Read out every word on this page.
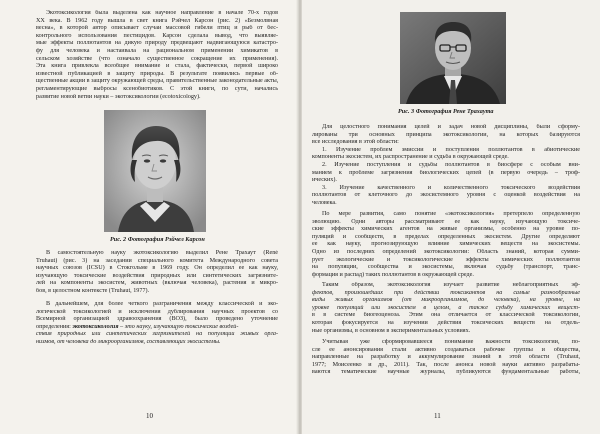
Экотоксикология была выделена как научное направление в начале 70-х годов

XX века. В 1962 году вышла в свет книга Рэйчел Карсон (рис. 2) «Безмолвная
весна», в которой автор описывает случаи массовой гибели птиц и рыб от бес-
контрольного использования пестицидов. Карсон сделала вывод, что выявляе-
мые эффекты поллютантов на дикую природу предвещают надвигающуюся катастро-
фу для человека и настаивала на рациональном применении химикатов в
сельском хозяйстве (что означало существенное сокращение их применения).
Эта книга привлекла всеобщее внимание и стала, фактически, первой широко
известной публикацией в защиту природы. В результате появились первые об-
щественные акции в защиту окружающей среды, правительственные законодательные акты,
регламентирующие выбросы ксенобиотиков. С этой книги, по сути, начались
развитие новой ветви науки – экотоксикологии (ecotoxicology).
Рис. 2 Фотография Рэйчел Карсон
В самостоятельную науку экотоксикологию выделил Рене Трахаут (René
Truhaut) (рис. 3) на заседании специального комитета Международного совета
научных союзов (ICSU) в Стокгольме в 1969 году. Он определил ее как науку,
изучающую токсические воздействия природных или синтетических загрязните-
лей на компоненты экосистем, животных (включая человека), растения и микро-
бов, в целостном контексте (Truhaut, 1977).
В дальнейшем, для более четкого разграничения между классической и эко-
логической токсикологией и исключения дублирования научных проектов со
Всемирной организацией здравоохранения (ВОЗ), было проведено уточнение
определения: экотоксикология – это науку, изучающую токсические воздей-
ствия природных или синтетических загрязнителей на популяции живых орга-
низмов, от человека до микроорганизмов, составляющих экосистемы.
10
Рис. 3 Фотография Рене Трахаута
Для целостного понимания целей и задач новой дисциплины, были сформу-
лированы три основных принципа экотоксикологии, на которых базируются
все исследования в этой области:
1. Изучение проблем эмиссии и поступления поллютантов в абиотические
компоненты экосистем, их распространение и судьба в окружающей среде.
2. Изучение поступления и судьбы поллютантов в биосфере с особым вни-
манием к проблеме загрязнения биологических цепей (в первую очередь – троф-
ических).
3. Изучение качественного и количественного токсического воздействия
поллютантов от клеточного до экосистемного уровня с оценкой воздействия на
человека.
По мере развития, само понятие «экотоксикология» претерпело определенную
эволюцию. Одни авторы рассматривают ее как науку, изучающую токсиче-
ские эффекты химических агентов на живые организмы, особенно на уровне по-
пуляций и сообществ, в пределах определенных экосистем. Другие определяют
ее как науку, прогнозирующую влияние химических веществ на экосистемы.
Одно из последних определений экотоксикологии: Область знаний, которая сумми-
рует экологические и токсикологические эффекты химических поллютантов
на популяции, сообщества и экосистемы, включая судьбу (транспорт, транс-
формация и распад) таких поллютантов в окружающей среде.
Таким образом, экотоксикология изучает развитие неблагоприятных эф-
фектов, произошедших при действии токсикантов на самые разнообразные
виды живых организмов (от микроорганизмов, до человека), на уровне, на
уровне популяций или экосистем в целом, а также судьбу химических вещест-
в в системе биогеоценоза. Этим она отличается от классической токсикологии,
которая фокусируется на изучении действия токсических веществ на отдель-
ные организмы, в основном в экспериментальных условиях.
Учитывая уже сформировавшееся понимание важности токсикологии, по-
сле ее анонсирования стали активно создаваться рабочие группы и общества,
направленные на разработку и аккумулирование знаний в этой области (Truhaut,
1977; Моисеенко и др., 2011). Так, после анонса новой науки активно разрабаты-
ваются тематические научные журналы, публикуются фундаментальные работы,
11
